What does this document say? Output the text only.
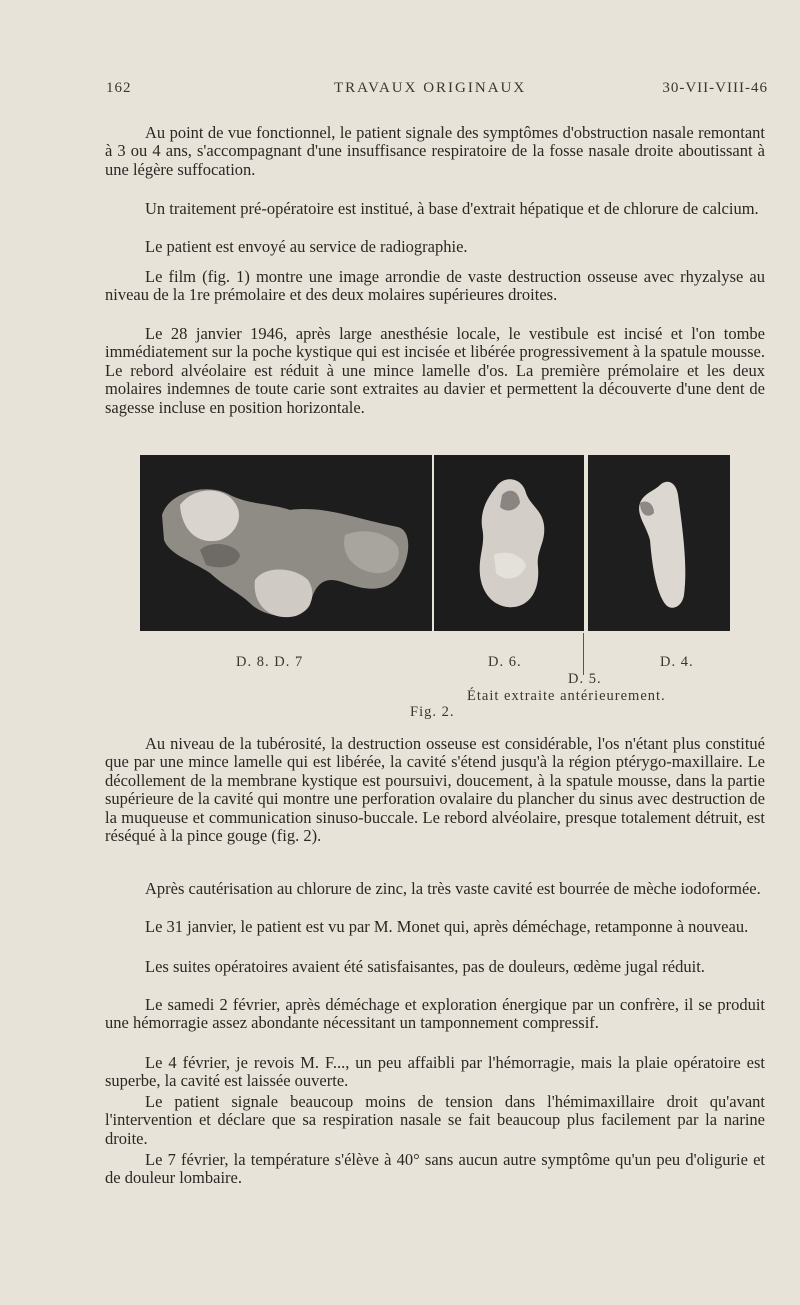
162	TRAVAUX ORIGINAUX	30-VII-VIII-46

Au point de vue fonctionnel, le patient signale des symptômes d'obstruction nasale remontant à 3 ou 4 ans, s'accompagnant d'une insuffisance respiratoire de la fosse nasale droite aboutissant à une légère suffocation.

Un traitement pré-opératoire est institué, à base d'extrait hépatique et de chlorure de calcium.

Le patient est envoyé au service de radiographie.

Le film (fig. 1) montre une image arrondie de vaste destruction osseuse avec rhyzalyse au niveau de la 1re prémolaire et des deux molaires supérieures droites.

Le 28 janvier 1946, après large anesthésie locale, le vestibule est incisé et l'on tombe immédiatement sur la poche kystique qui est incisée et libérée progressivement à la spatule mousse. Le rebord alvéolaire est réduit à une mince lamelle d'os. La première prémolaire et les deux molaires indemnes de toute carie sont extraites au davier et permettent la découverte d'une dent de sagesse incluse en position horizontale.

D. 8. D. 7	D. 6.	D. 4.
D. 5.
Était extraite antérieurement.
Fig. 2.

Au niveau de la tubérosité, la destruction osseuse est considérable, l'os n'étant plus constitué que par une mince lamelle qui est libérée, la cavité s'étend jusqu'à la région ptérygo-maxillaire. Le décollement de la membrane kystique est poursuivi, doucement, à la spatule mousse, dans la partie supérieure de la cavité qui montre une perforation ovalaire du plancher du sinus avec destruction de la muqueuse et communication sinuso-buccale. Le rebord alvéolaire, presque totalement détruit, est réséqué à la pince gouge (fig. 2).

Après cautérisation au chlorure de zinc, la très vaste cavité est bourrée de mèche iodoformée.

Le 31 janvier, le patient est vu par M. Monet qui, après déméchage, retamponne à nouveau.

Les suites opératoires avaient été satisfaisantes, pas de douleurs, œdème jugal réduit.

Le samedi 2 février, après déméchage et exploration énergique par un confrère, il se produit une hémorragie assez abondante nécessitant un tamponnement compressif.

Le 4 février, je revois M. F..., un peu affaibli par l'hémorragie, mais la plaie opératoire est superbe, la cavité est laissée ouverte.

Le patient signale beaucoup moins de tension dans l'hémimaxillaire droit qu'avant l'intervention et déclare que sa respiration nasale se fait beaucoup plus facilement par la narine droite.

Le 7 février, la température s'élève à 40° sans aucun autre symptôme qu'un peu d'oligurie et de douleur lombaire.
